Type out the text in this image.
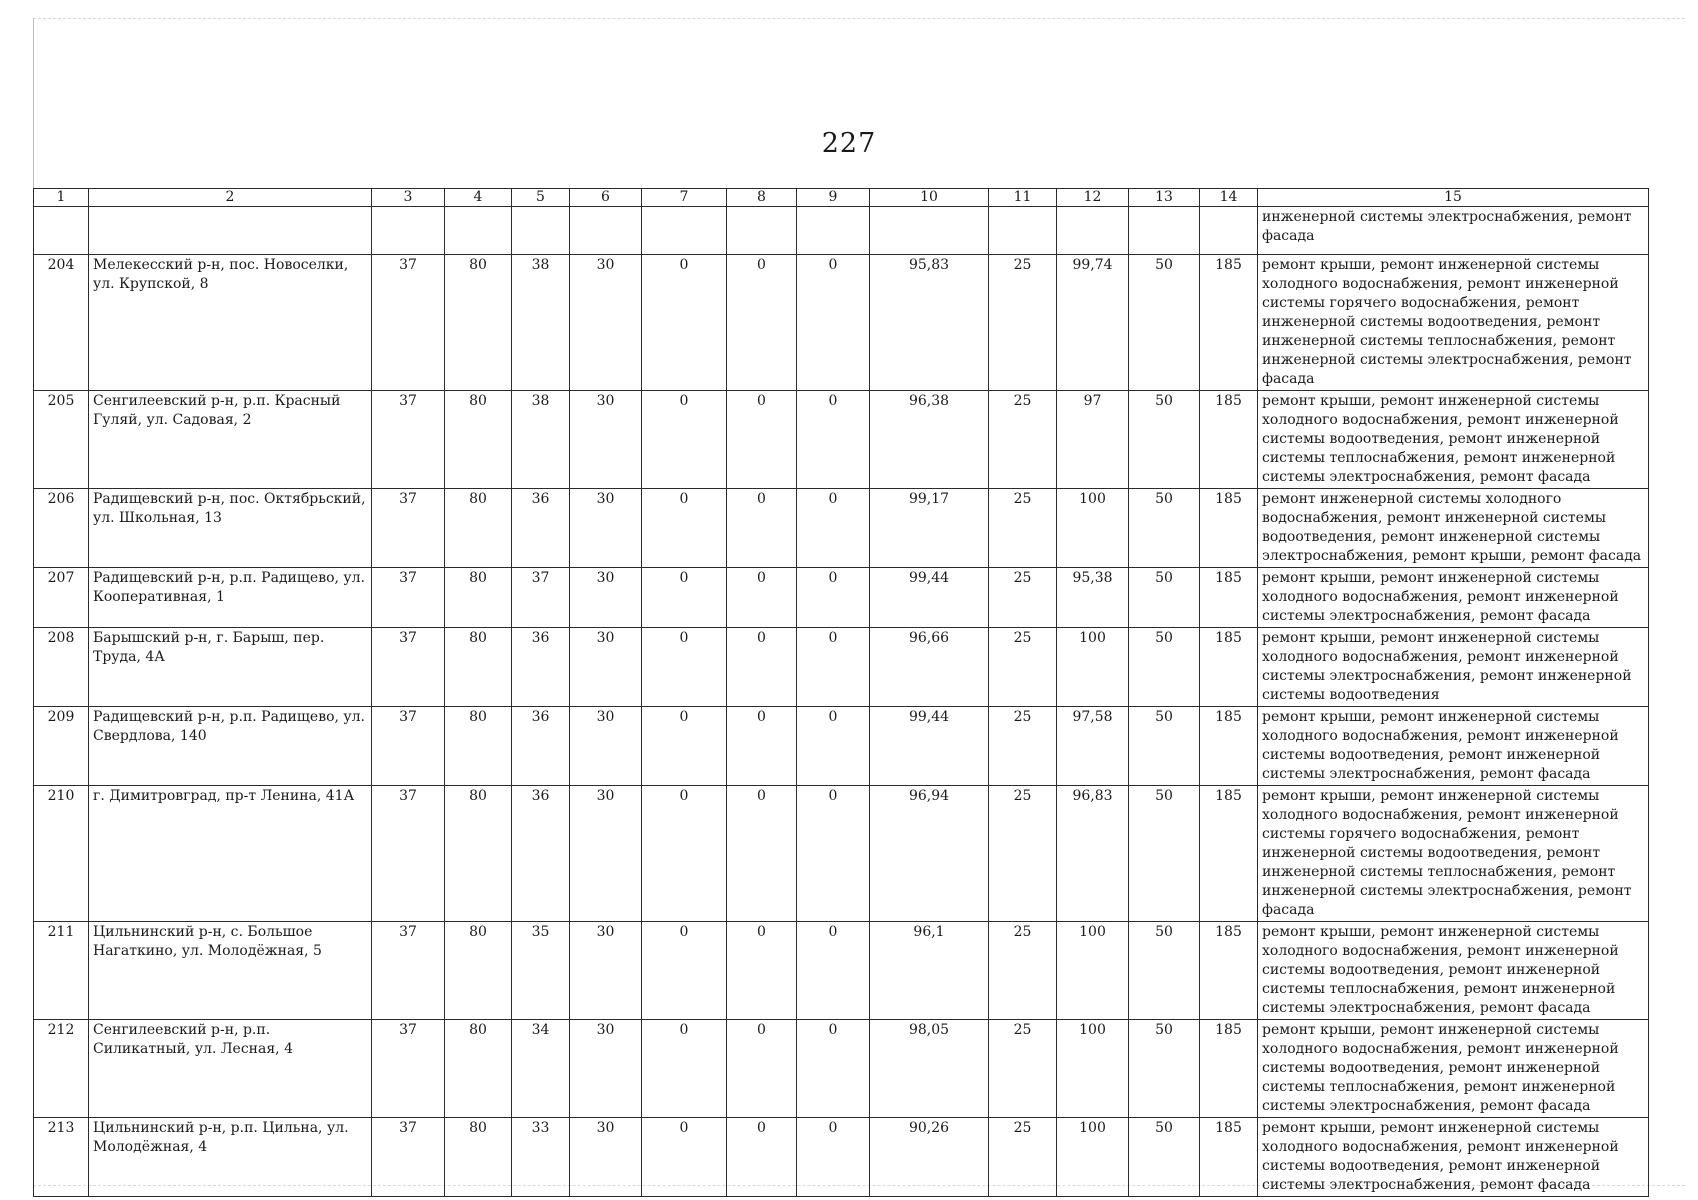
227
1	2	3	4	5	6	7	8	9	10	11	12	13	14	15
														инженерной системы электроснабжения, ремонт фасада
204	Мелекесский р-н, пос. Новоселки, ул. Крупской, 8	37	80	38	30	0	0	0	95,83	25	99,74	50	185	ремонт крыши, ремонт инженерной системы холодного водоснабжения, ремонт инженерной системы горячего водоснабжения, ремонт инженерной системы водоотведения, ремонт инженерной системы теплоснабжения, ремонт инженерной системы электроснабжения, ремонт фасада
205	Сенгилеевский р-н, р.п. Красный Гуляй, ул. Садовая, 2	37	80	38	30	0	0	0	96,38	25	97	50	185	ремонт крыши, ремонт инженерной системы холодного водоснабжения, ремонт инженерной системы водоотведения, ремонт инженерной системы теплоснабжения, ремонт инженерной системы электроснабжения, ремонт фасада
206	Радищевский р-н, пос. Октябрьский, ул. Школьная, 13	37	80	36	30	0	0	0	99,17	25	100	50	185	ремонт инженерной системы холодного водоснабжения, ремонт инженерной системы водоотведения, ремонт инженерной системы электроснабжения, ремонт крыши, ремонт фасада
207	Радищевский р-н, р.п. Радищево, ул. Кооперативная, 1	37	80	37	30	0	0	0	99,44	25	95,38	50	185	ремонт крыши, ремонт инженерной системы холодного водоснабжения, ремонт инженерной системы электроснабжения, ремонт фасада
208	Барышский р-н, г. Барыш, пер. Труда, 4А	37	80	36	30	0	0	0	96,66	25	100	50	185	ремонт крыши, ремонт инженерной системы холодного водоснабжения, ремонт инженерной системы электроснабжения, ремонт инженерной системы водоотведения
209	Радищевский р-н, р.п. Радищево, ул. Свердлова, 140	37	80	36	30	0	0	0	99,44	25	97,58	50	185	ремонт крыши, ремонт инженерной системы холодного водоснабжения, ремонт инженерной системы водоотведения, ремонт инженерной системы электроснабжения, ремонт фасада
210	г. Димитровград, пр-т Ленина, 41А	37	80	36	30	0	0	0	96,94	25	96,83	50	185	ремонт крыши, ремонт инженерной системы холодного водоснабжения, ремонт инженерной системы горячего водоснабжения, ремонт инженерной системы водоотведения, ремонт инженерной системы теплоснабжения, ремонт инженерной системы электроснабжения, ремонт фасада
211	Цильнинский р-н, с. Большое Нагаткино, ул. Молодёжная, 5	37	80	35	30	0	0	0	96,1	25	100	50	185	ремонт крыши, ремонт инженерной системы холодного водоснабжения, ремонт инженерной системы водоотведения, ремонт инженерной системы теплоснабжения, ремонт инженерной системы электроснабжения, ремонт фасада
212	Сенгилеевский р-н, р.п. Силикатный, ул. Лесная, 4	37	80	34	30	0	0	0	98,05	25	100	50	185	ремонт крыши, ремонт инженерной системы холодного водоснабжения, ремонт инженерной системы водоотведения, ремонт инженерной системы теплоснабжения, ремонт инженерной системы электроснабжения, ремонт фасада
213	Цильнинский р-н, р.п. Цильна, ул. Молодёжная, 4	37	80	33	30	0	0	0	90,26	25	100	50	185	ремонт крыши, ремонт инженерной системы холодного водоснабжения, ремонт инженерной системы водоотведения, ремонт инженерной системы электроснабжения, ремонт фасада
